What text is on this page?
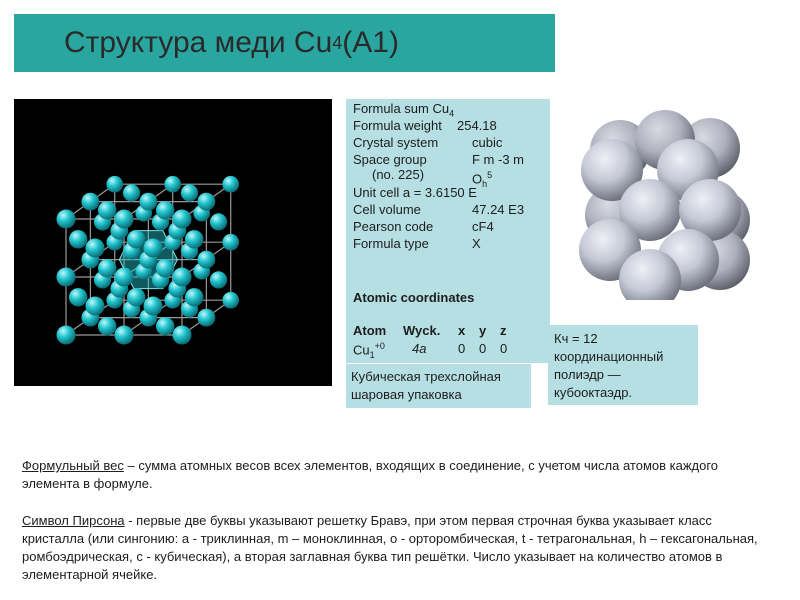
Структура меди Cu 4 (A1)
Formula sum $Cu_4$
Formula weight 254.18
Crystal system	cubic
Space group	F m -3 m
(no. 225)	$O_h^5$
Unit cell a = 3.6150 E
Cell volume	47.24 E3
Pearson code	cF4
Formula type	X
Atomic coordinates
Atom Wyck. x y z
$Cu_1^{+0}$ 4a 0 0 0
Кубическая трехслойная шаровая упаковка
Кч = 12 координационный полиэдр — кубооктаэдр.
Формульный вес – сумма атомных весов всех элементов, входящих в соединение, с учетом числа атомов каждого элемента в формуле.
Символ Пирсона - первые две буквы указывают решетку Бравэ, при этом первая строчная буква указывает класс кристалла (или сингонию: а - триклинная, m – моноклинная, о - орторомбическая, t - тетрагональная, h – гексагональная, ромбоэдрическая, с - кубическая), а вторая заглавная буква тип решётки. Число указывает на количество атомов в элементарной ячейке.
